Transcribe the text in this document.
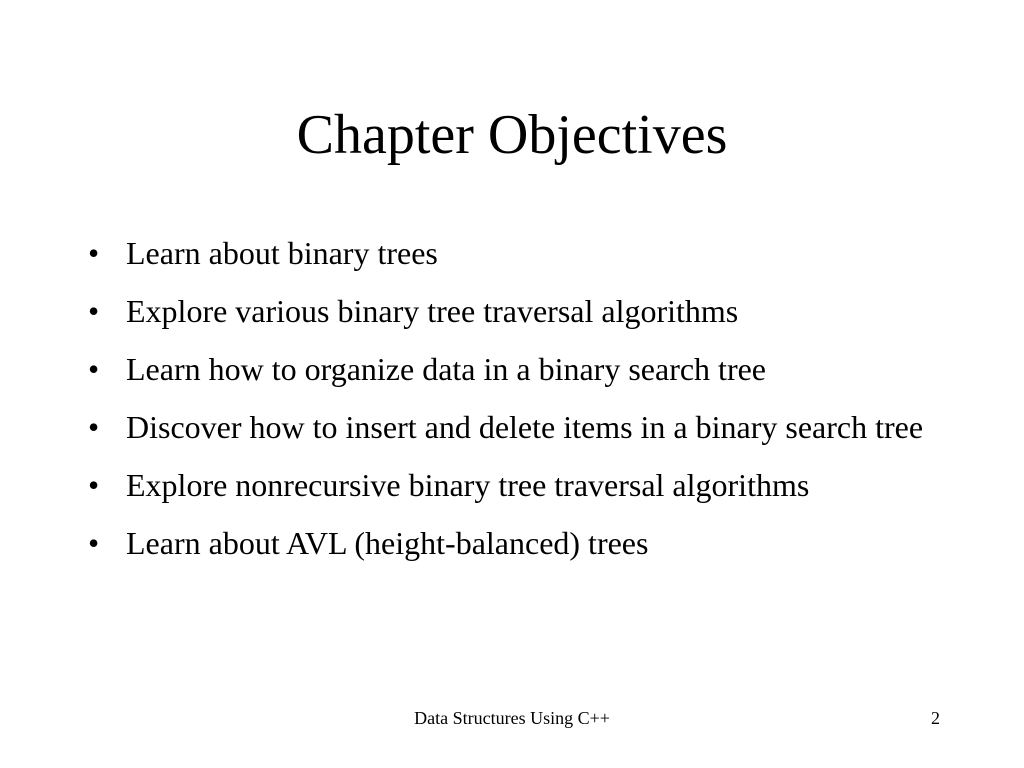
Chapter Objectives
• Learn about binary trees
• Explore various binary tree traversal algorithms
• Learn how to organize data in a binary search tree
• Discover how to insert and delete items in a binary search tree
• Explore nonrecursive binary tree traversal algorithms
• Learn about AVL (height-balanced) trees
Data Structures Using C++	2
